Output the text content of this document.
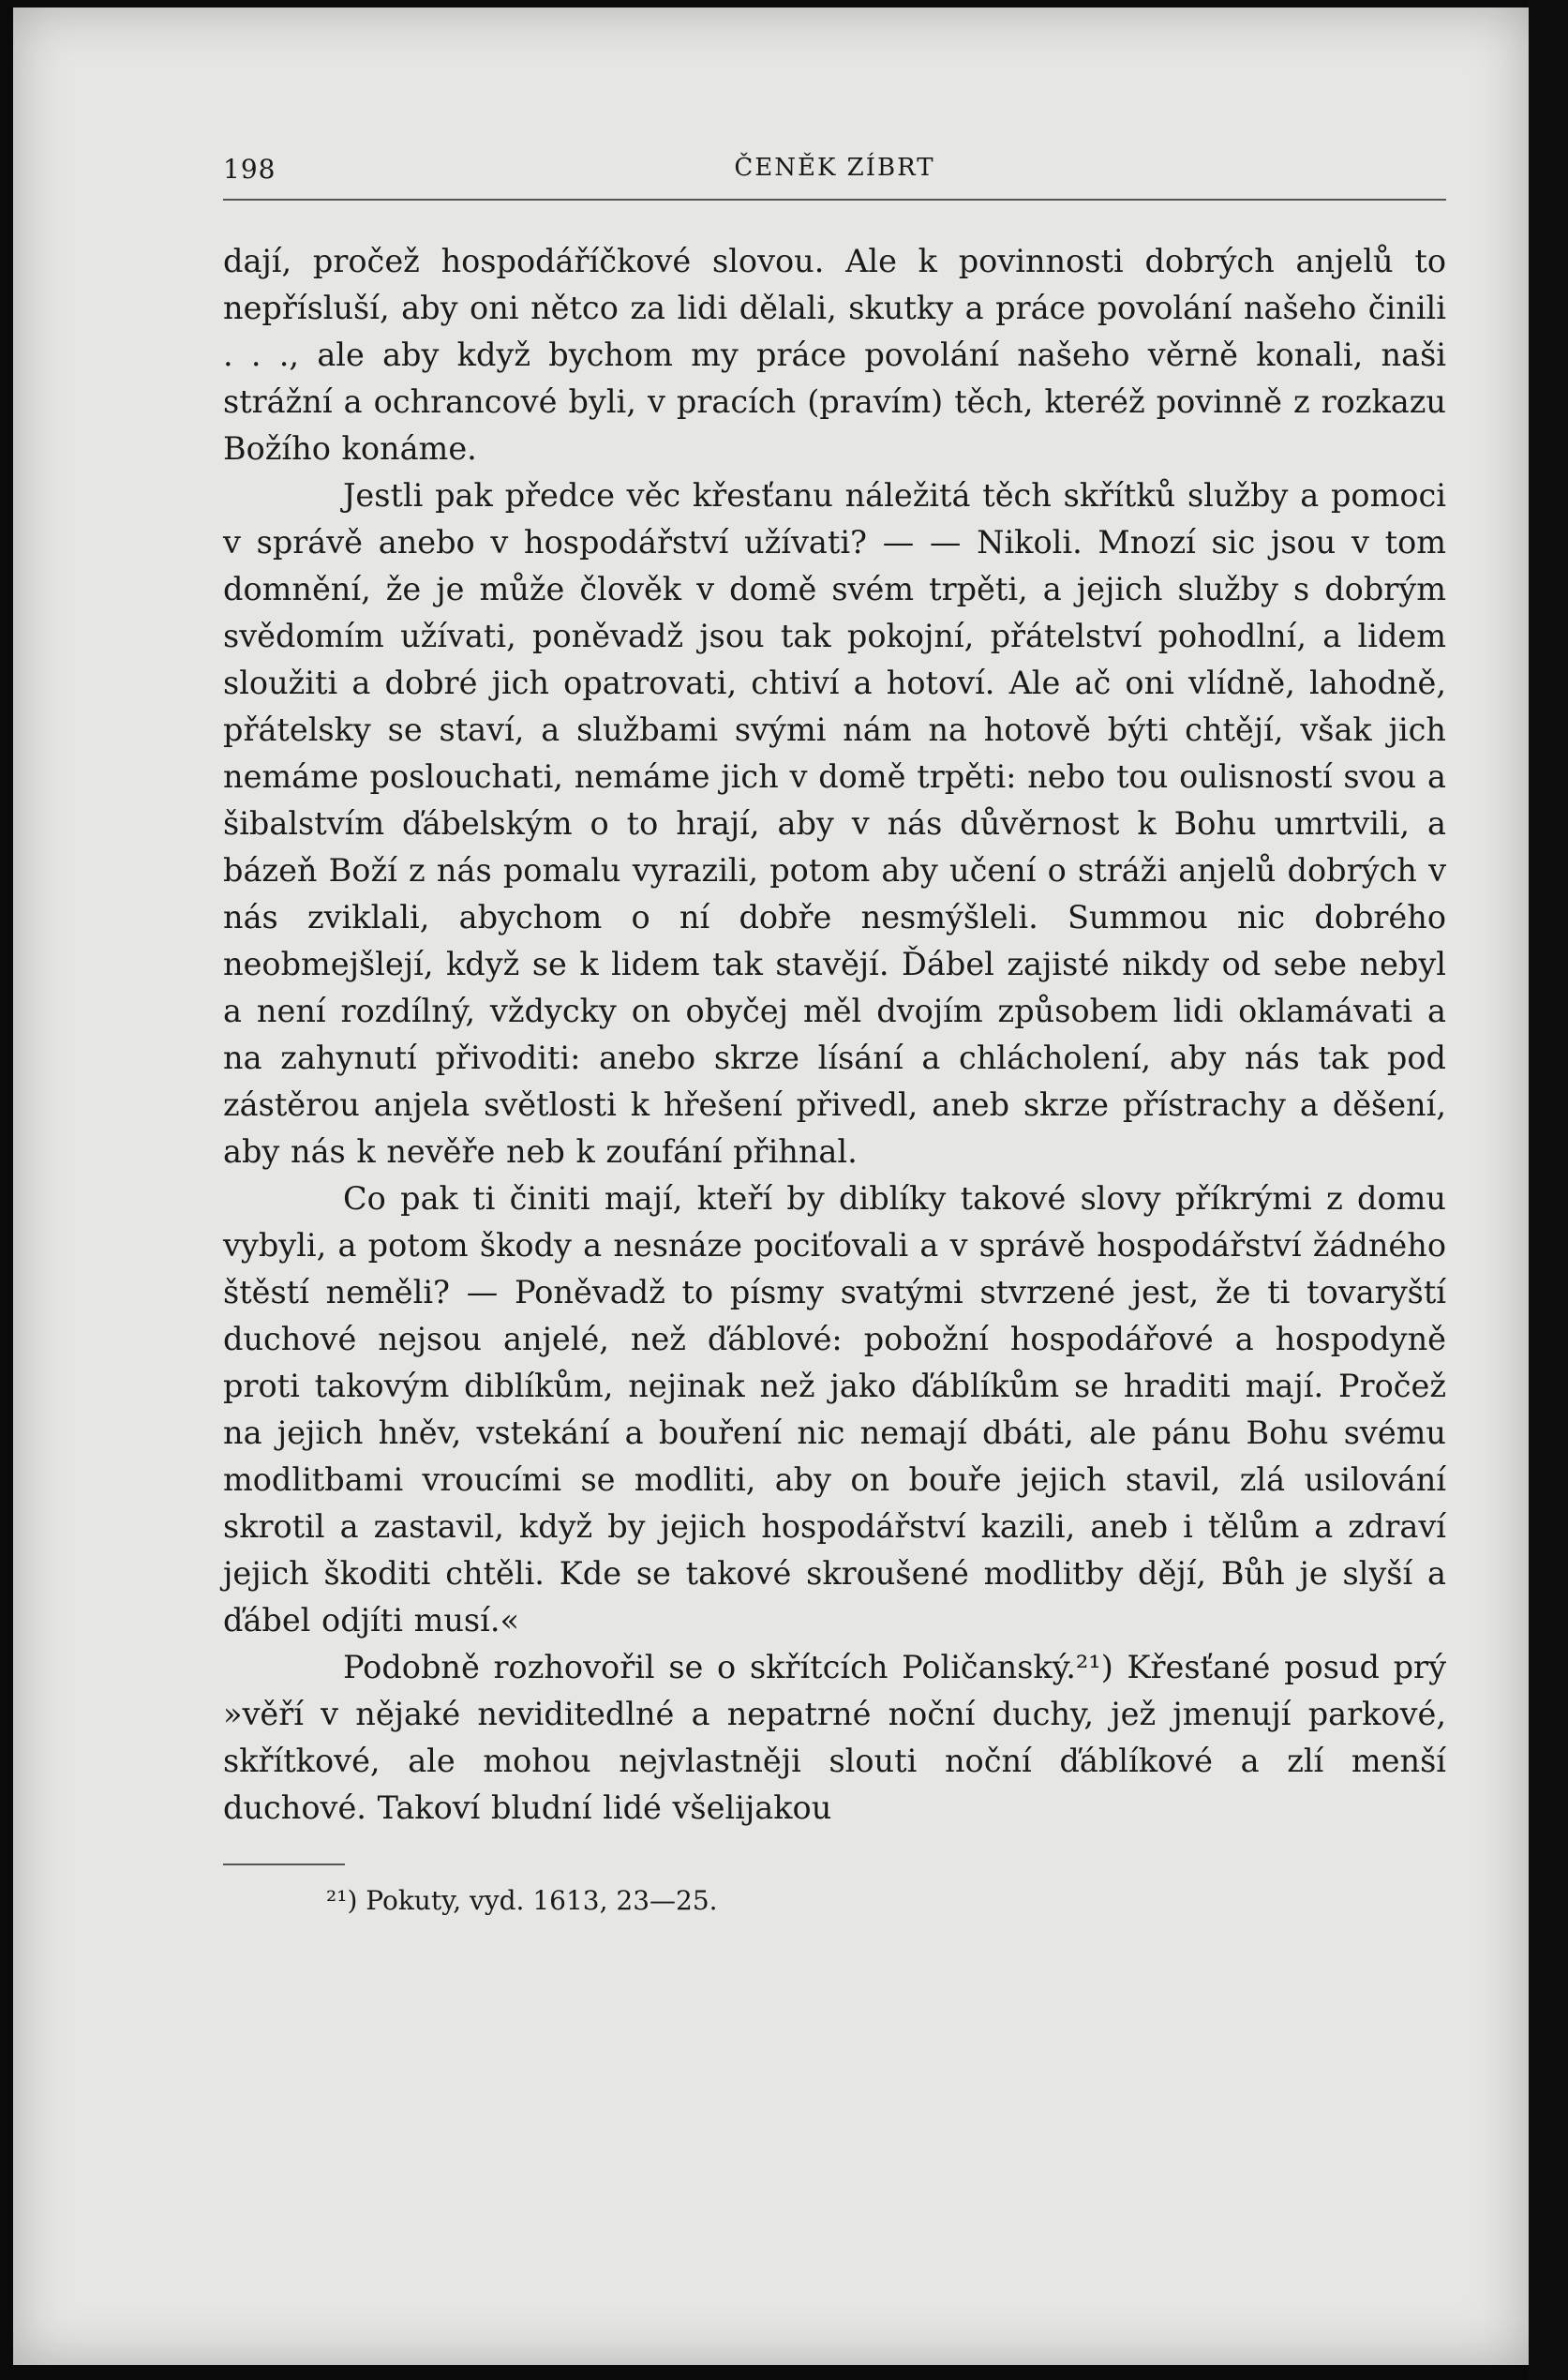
198	ČENĚK ZÍBRT

dají, pročež hospodáříčkové slovou. Ale k povinnosti dobrých anjelů to nepřísluší, aby oni nětco za lidi dělali, skutky a práce povolání našeho činili . . ., ale aby když bychom my práce povolání našeho věrně konali, naši strážní a ochrancové byli, v pracích (pravím) těch, kteréž povinně z rozkazu Božího konáme.

Jestli pak předce věc křesťanu náležitá těch skřítků služby a pomoci v správě anebo v hospodářství užívati? — — Nikoli. Mnozí sic jsou v tom domnění, že je může člověk v domě svém trpěti, a jejich služby s dobrým svědomím užívati, poněvadž jsou tak pokojní, přátelství pohodlní, a lidem sloužiti a dobré jich opatrovati, chtiví a hotoví. Ale ač oni vlídně, lahodně, přátelsky se staví, a službami svými nám na hotově býti chtějí, však jich nemáme poslouchati, nemáme jich v domě trpěti: nebo tou oulisností svou a šibalstvím ďábelským o to hrají, aby v nás důvěrnost k Bohu umrtvili, a bázeň Boží z nás pomalu vyrazili, potom aby učení o stráži anjelů dobrých v nás zviklali, abychom o ní dobře nesmýšleli. Summou nic dobrého neobmejšlejí, když se k lidem tak stavějí. Ďábel zajisté nikdy od sebe nebyl a není rozdílný, vždycky on obyčej měl dvojím způsobem lidi oklamávati a na zahynutí přivoditi: anebo skrze lísání a chlácholení, aby nás tak pod zástěrou anjela světlosti k hřešení přivedl, aneb skrze přístrachy a děšení, aby nás k nevěře neb k zoufání přihnal.

Co pak ti činiti mají, kteří by diblíky takové slovy příkrými z domu vybyli, a potom škody a nesnáze pociťovali a v správě hospodářství žádného štěstí neměli? — Poněvadž to písmy svatými stvrzené jest, že ti tovaryští duchové nejsou anjelé, než ďáblové: pobožní hospodářové a hospodyně proti takovým diblíkům, nejinak než jako ďáblíkům se hraditi mají. Pročež na jejich hněv, vstekání a bouření nic nemají dbáti, ale pánu Bohu svému modlitbami vroucími se modliti, aby on bouře jejich stavil, zlá usilování skrotil a zastavil, když by jejich hospodářství kazili, aneb i tělům a zdraví jejich škoditi chtěli. Kde se takové skroušené modlitby dějí, Bůh je slyší a ďábel odjíti musí.«

Podobně rozhovořil se o skřítcích Poličanský.²¹) Křesťané posud prý »věří v nějaké neviditedlné a nepatrné noční duchy, jež jmenují parkové, skřítkové, ale mohou nejvlastněji slouti noční ďáblíkové a zlí menší duchové. Takoví bludní lidé všelijakou

²¹) Pokuty, vyd. 1613, 23—25.
